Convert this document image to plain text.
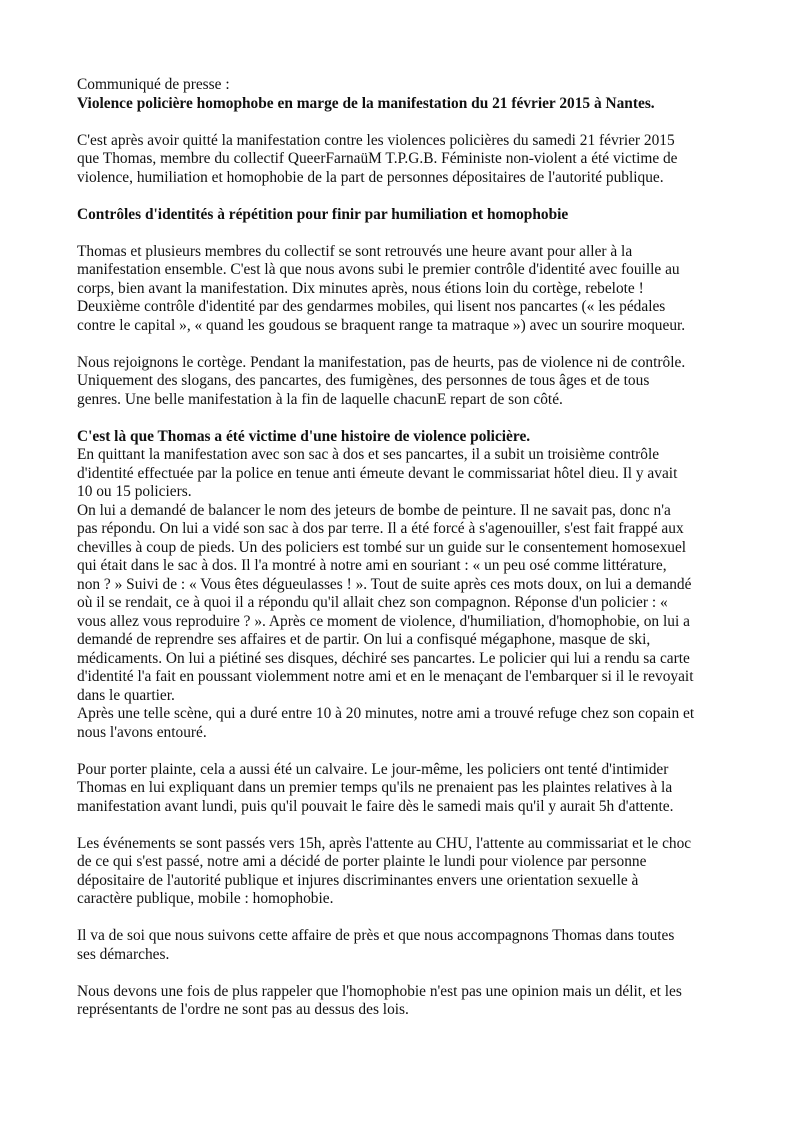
Communiqué de presse :
Violence policière homophobe en marge de la manifestation du 21 février 2015 à Nantes.

C'est après avoir quitté la manifestation contre les violences policières du samedi 21 février 2015
que Thomas, membre du collectif QueerFarnaüM T.P.G.B. Féministe non-violent a été victime de
violence, humiliation et homophobie de la part de personnes dépositaires de l'autorité publique.

Contrôles d'identités à répétition pour finir par humiliation et homophobie

Thomas et plusieurs membres du collectif se sont retrouvés une heure avant pour aller à la
manifestation ensemble. C'est là que nous avons subi le premier contrôle d'identité avec fouille au
corps, bien avant la manifestation. Dix minutes après, nous étions loin du cortège, rebelote !
Deuxième contrôle d'identité par des gendarmes mobiles, qui lisent nos pancartes (« les pédales
contre le capital », « quand les goudous se braquent range ta matraque ») avec un sourire moqueur.

Nous rejoignons le cortège. Pendant la manifestation, pas de heurts, pas de violence ni de contrôle.
Uniquement des slogans, des pancartes, des fumigènes, des personnes de tous âges et de tous
genres. Une belle manifestation à la fin de laquelle chacunE repart de son côté.

C'est là que Thomas a été victime d'une histoire de violence policière.
En quittant la manifestation avec son sac à dos et ses pancartes, il a subit un troisième contrôle
d'identité effectuée par la police en tenue anti émeute devant le commissariat hôtel dieu. Il y avait
10 ou 15 policiers.
On lui a demandé de balancer le nom des jeteurs de bombe de peinture. Il ne savait pas, donc n'a
pas répondu. On lui a vidé son sac à dos par terre. Il a été forcé à s'agenouiller, s'est fait frappé aux
chevilles à coup de pieds. Un des policiers est tombé sur un guide sur le consentement homosexuel
qui était dans le sac à dos. Il l'a montré à notre ami en souriant : « un peu osé comme littérature,
non ? » Suivi de : « Vous êtes dégueulasses ! ». Tout de suite après ces mots doux, on lui a demandé
où il se rendait, ce à quoi il a répondu qu'il allait chez son compagnon. Réponse d'un policier : «
vous allez vous reproduire ? ». Après ce moment de violence, d'humiliation, d'homophobie, on lui a
demandé de reprendre ses affaires et de partir. On lui a confisqué mégaphone, masque de ski,
médicaments. On lui a piétiné ses disques, déchiré ses pancartes. Le policier qui lui a rendu sa carte
d'identité l'a fait en poussant violemment notre ami et en le menaçant de l'embarquer si il le revoyait
dans le quartier.
Après une telle scène, qui a duré entre 10 à 20 minutes, notre ami a trouvé refuge chez son copain et
nous l'avons entouré.

Pour porter plainte, cela a aussi été un calvaire. Le jour-même, les policiers ont tenté d'intimider
Thomas en lui expliquant dans un premier temps qu'ils ne prenaient pas les plaintes relatives à la
manifestation avant lundi, puis qu'il pouvait le faire dès le samedi mais qu'il y aurait 5h d'attente.

Les événements se sont passés vers 15h, après l'attente au CHU, l'attente au commissariat et le choc
de ce qui s'est passé, notre ami a décidé de porter plainte le lundi pour violence par personne
dépositaire de l'autorité publique et injures discriminantes envers une orientation sexuelle à
caractère publique, mobile : homophobie.

Il va de soi que nous suivons cette affaire de près et que nous accompagnons Thomas dans toutes
ses démarches.

Nous devons une fois de plus rappeler que l'homophobie n'est pas une opinion mais un délit, et les
représentants de l'ordre ne sont pas au dessus des lois.
